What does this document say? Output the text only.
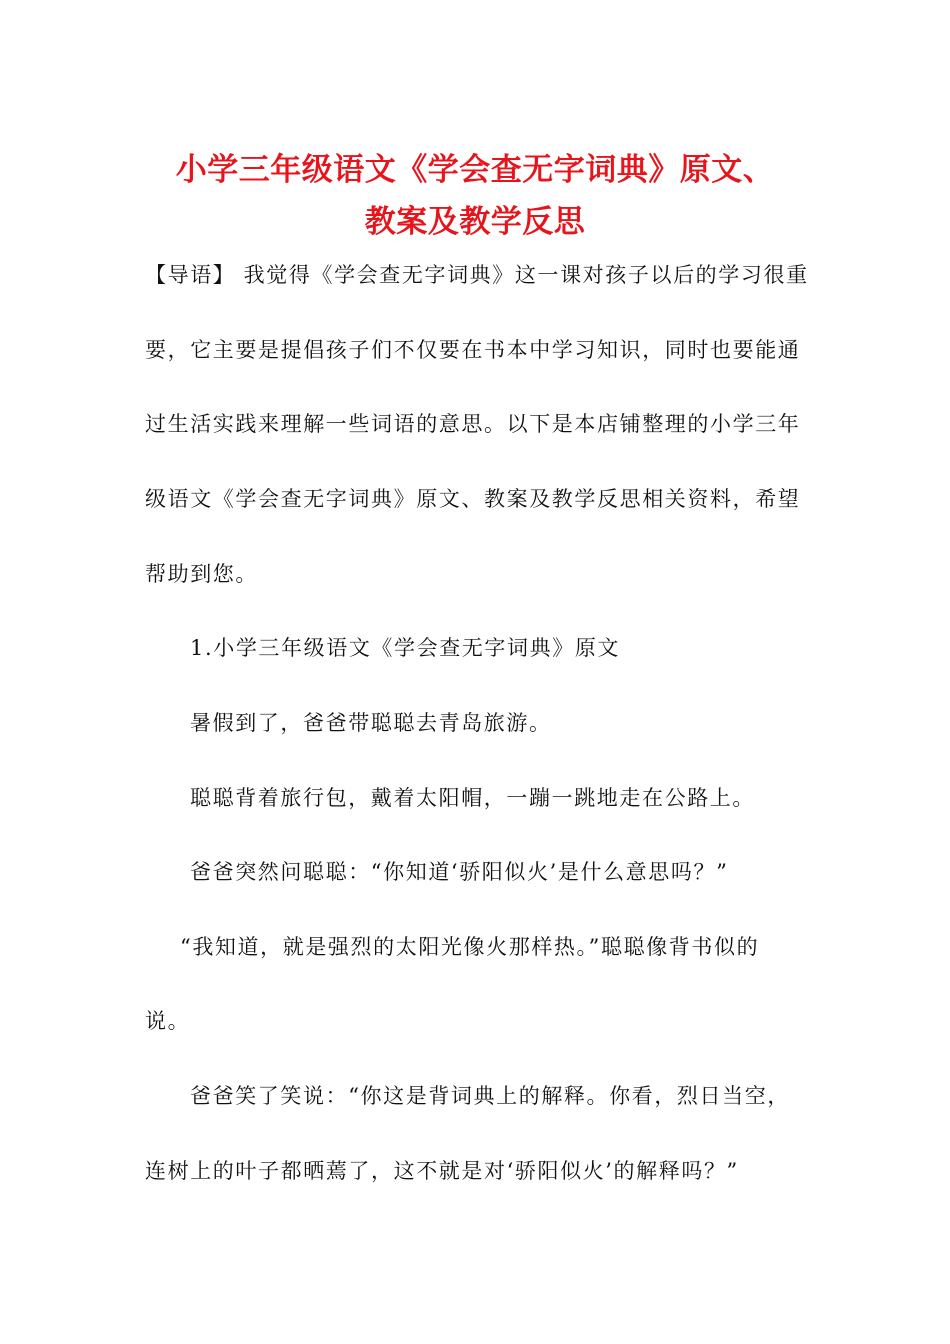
小学三年级语文《学会查无字词典》原文、
教案及教学反思

【导语】 我觉得《学会查无字词典》这一课对孩子以后的学习很重

要，它主要是提倡孩子们不仅要在书本中学习知识，同时也要能通

过生活实践来理解一些词语的意思。以下是本店铺整理的小学三年

级语文《学会查无字词典》原文、教案及教学反思相关资料，希望

帮助到您。

1.小学三年级语文《学会查无字词典》原文

暑假到了，爸爸带聪聪去青岛旅游。

聪聪背着旅行包，戴着太阳帽，一蹦一跳地走在公路上。

爸爸突然问聪聪：“你知道‘骄阳似火’是什么意思吗？”

“我知道，就是强烈的太阳光像火那样热。”聪聪像背书似的

说。

爸爸笑了笑说：“你这是背词典上的解释。你看，烈日当空，

连树上的叶子都晒蔫了，这不就是对‘骄阳似火’的解释吗？”
